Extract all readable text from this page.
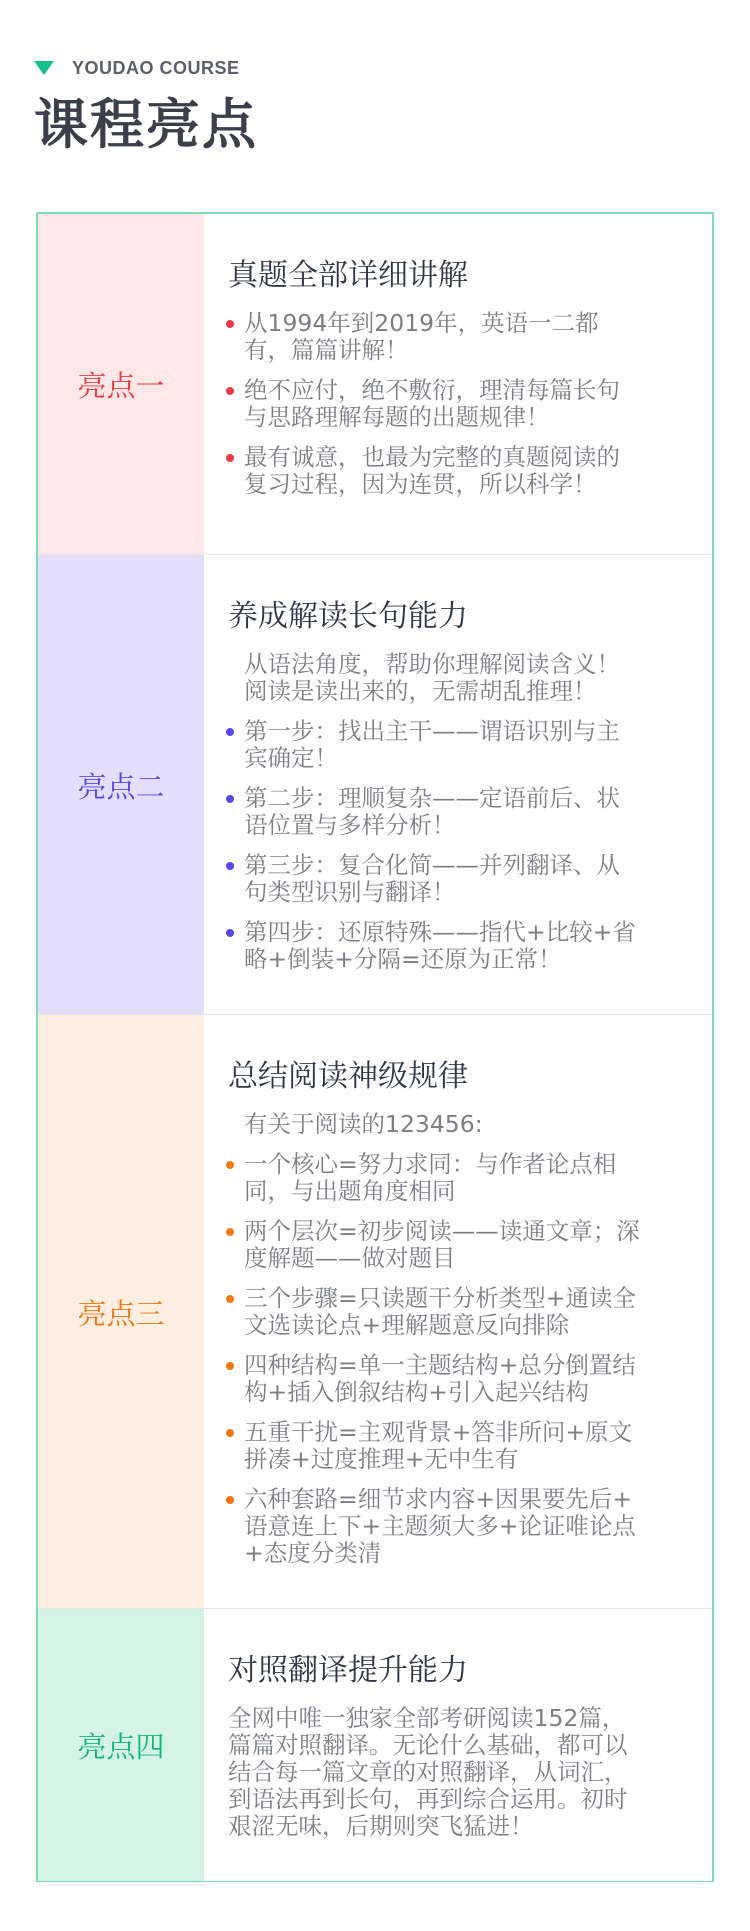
YOUDAO COURSE
课程亮点
亮点一
真题全部详细讲解
从1994年到2019年，英语一二都
有，篇篇讲解！
绝不应付，绝不敷衍，理清每篇长句
与思路理解每题的出题规律！
最有诚意，也最为完整的真题阅读的
复习过程，因为连贯，所以科学！
亮点二
养成解读长句能力
从语法角度，帮助你理解阅读含义！
阅读是读出来的，无需胡乱推理！
第一步：找出主干——谓语识别与主
宾确定！
第二步：理顺复杂——定语前后、状
语位置与多样分析！
第三步：复合化简——并列翻译、从
句类型识别与翻译！
第四步：还原特殊——指代+比较+省
略+倒装+分隔=还原为正常！
亮点三
总结阅读神级规律
有关于阅读的123456:
一个核心=努力求同：与作者论点相
同，与出题角度相同
两个层次=初步阅读——读通文章；深
度解题——做对题目
三个步骤=只读题干分析类型+通读全
文选读论点+理解题意反向排除
四种结构=单一主题结构+总分倒置结
构+插入倒叙结构+引入起兴结构
五重干扰=主观背景+答非所问+原文
拼凑+过度推理+无中生有
六种套路=细节求内容+因果要先后+
语意连上下+主题须大多+论证唯论点
+态度分类清
亮点四
对照翻译提升能力
全网中唯一独家全部考研阅读152篇，
篇篇对照翻译。无论什么基础，都可以
结合每一篇文章的对照翻译，从词汇，
到语法再到长句，再到综合运用。初时
艰涩无味，后期则突飞猛进！
